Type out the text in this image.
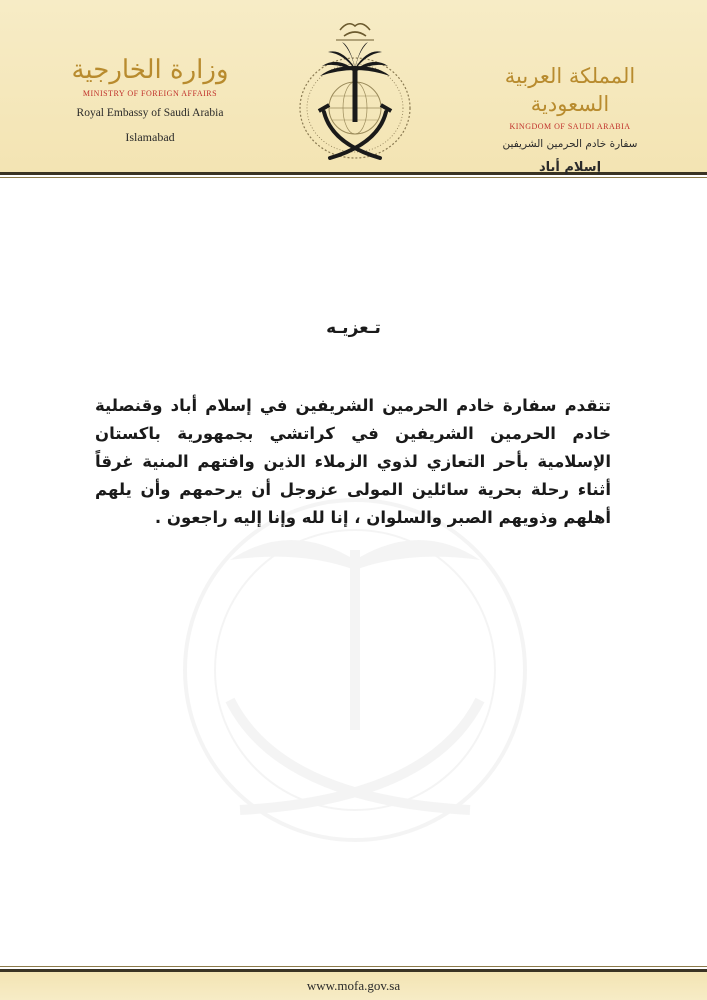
وزارة الخارجية
MINISTRY OF FOREIGN AFFAIRS
Royal Embassy of Saudi Arabia
Islamabad
المملكة العربية السعودية
KINGDOM OF SAUDI ARABIA
سفارة خادم الحرمين الشريفين
إسلام أباد
تـعزيـه
تتقدم سفارة خادم الحرمين الشريفين في إسلام أباد وقنصلية خادم الحرمين الشريفين في كراتشي بجمهورية باكستان الإسلامية بأحر التعازي لذوي الزملاء الذين وافتهم المنية غرقاً أثناء رحلة بحرية سائلين المولى عزوجل أن يرحمهم وأن يلهم أهلهم وذويهم الصبر والسلوان ، إنا لله وإنا إليه راجعون .
www.mofa.gov.sa
